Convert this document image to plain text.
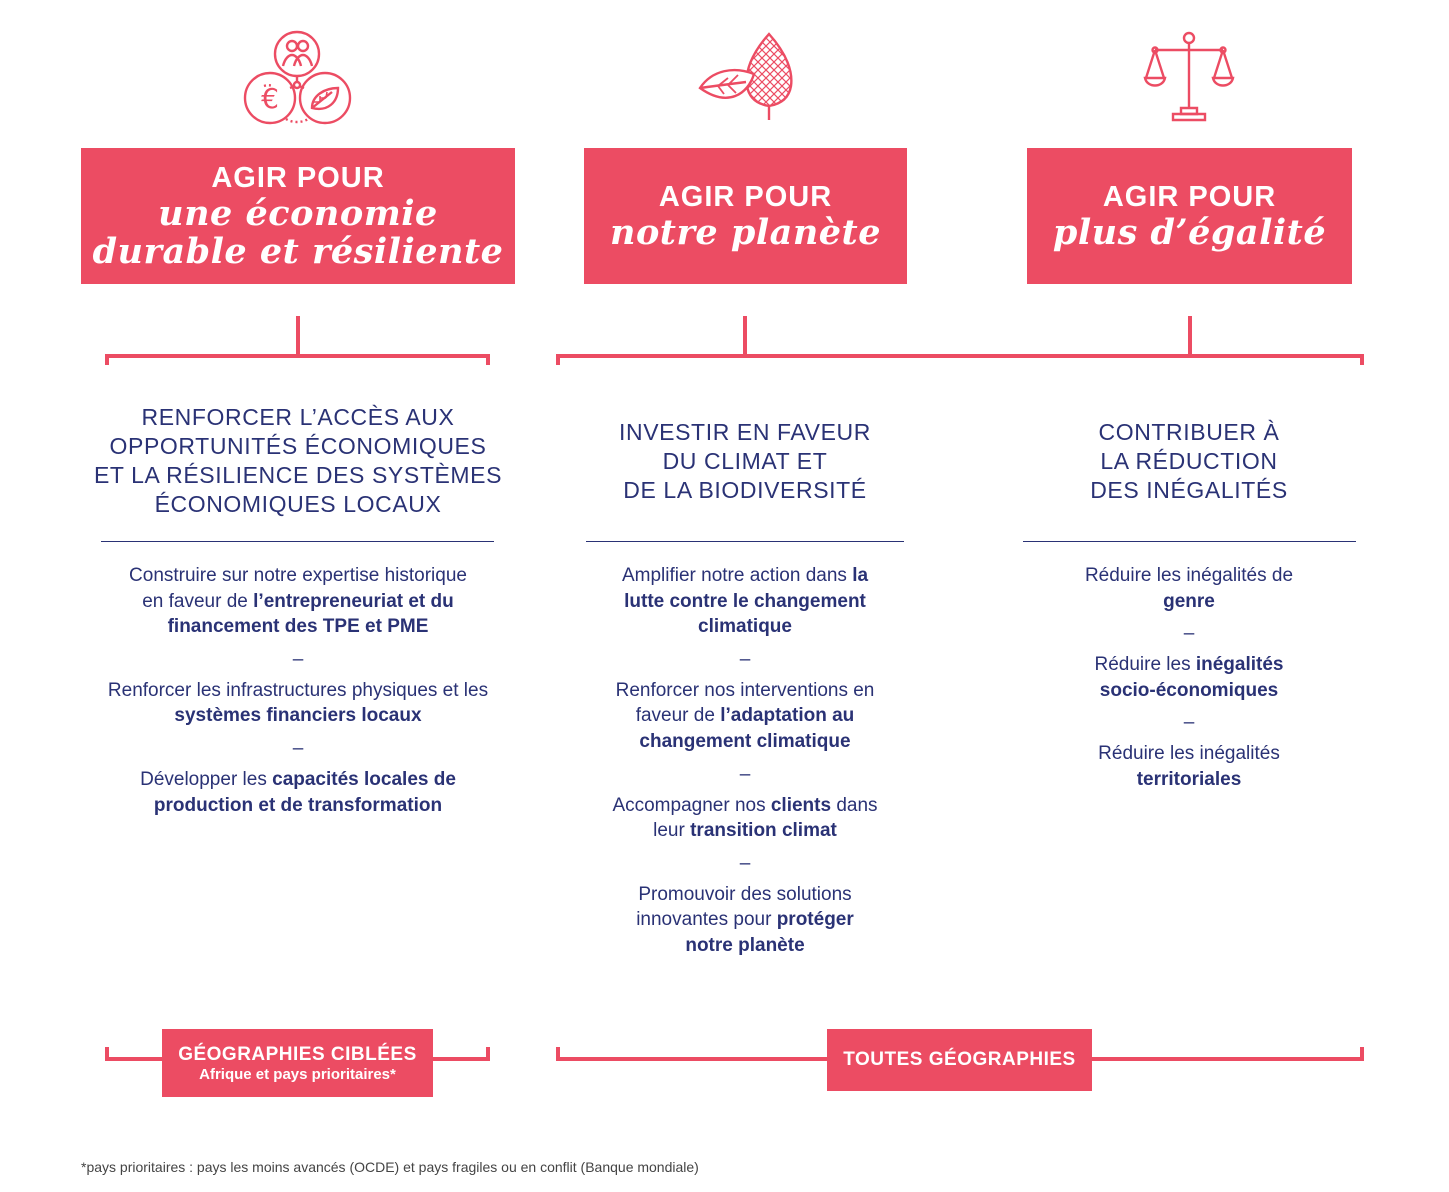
€
AGIR POUR
une économie
durable et résiliente
AGIR POUR
notre planète
AGIR POUR
plus d’égalité
RENFORCER L’ACCÈS AUX
OPPORTUNITÉS ÉCONOMIQUES
ET LA RÉSILIENCE DES SYSTÈMES
ÉCONOMIQUES LOCAUX
INVESTIR EN FAVEUR
DU CLIMAT ET
DE LA BIODIVERSITÉ
CONTRIBUER À
LA RÉDUCTION
DES INÉGALITÉS

Construire sur notre expertise historique en faveur de l’entrepreneuriat et du financement des TPE et PME

–

Renforcer les infrastructures physiques et les systèmes financiers locaux

–

Développer les capacités locales de production et de transformation

Amplifier notre action dans la lutte contre le changement climatique

–

Renforcer nos interventions en faveur de l’adaptation au changement climatique

–

Accompagner nos clients dans leur transition climat

–

Promouvoir des solutions innovantes pour protéger notre planète

Réduire les inégalités de genre

–

Réduire les inégalités socio-économiques

–

Réduire les inégalités territoriales

GÉOGRAPHIES CIBLÉES
Afrique et pays prioritaires*
TOUTES GÉOGRAPHIES
*pays prioritaires : pays les moins avancés (OCDE) et pays fragiles ou en conflit (Banque mondiale)
